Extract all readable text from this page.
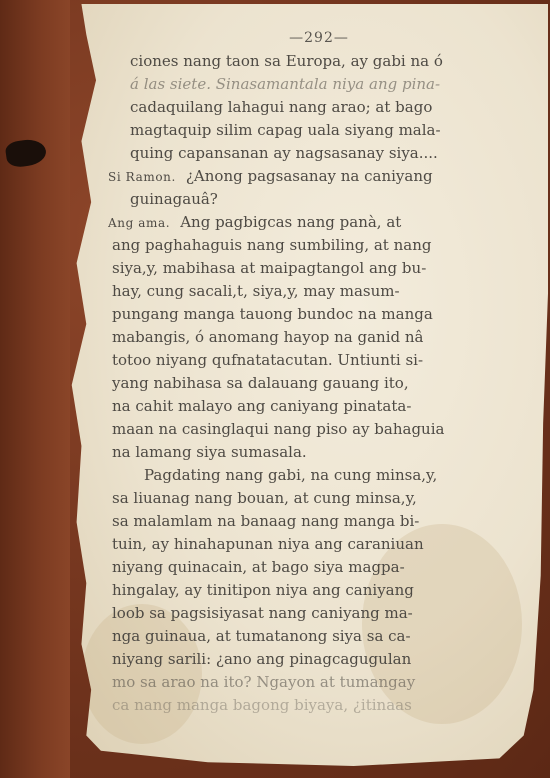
—292—
ciones nang taon sa Europa, ay gabi na ó
á las siete. Sinasamantala niya ang pina-
cadaquilang lahagui nang arao; at bago
magtaquip silim capag uala siyang mala-
quing capansanan ay nagsasanay siya....
Si Ramon. ¿Anong pagsasanay na caniyang
guinagauâ?
Ang ama. Ang pagbigcas nang panà, at
ang paghahaguis nang sumbiling, at nang
siya,y, mabihasa at maipagtangol ang bu-
hay, cung sacali,t, siya,y, may masum-
pungang manga tauong bundoc na manga
mabangis, ó anomang hayop na ganid nâ
totoo niyang qufnatatacutan. Untiunti si-
yang nabihasa sa dalauang gauang ito,
na cahit malayo ang caniyang pinatata-
maan na casinglaqui nang piso ay bahaguia
na lamang siya sumasala.
Pagdating nang gabi, na cung minsa,y,
sa liuanag nang bouan, at cung minsa,y,
sa malamlam na banaag nang manga bi-
tuin, ay hinahapunan niya ang caraniuan
niyang quinacain, at bago siya magpa-
hingalay, ay tinitipon niya ang caniyang
loob sa pagsisiyasat nang caniyang ma-
nga guinaua, at tumatanong siya sa ca-
niyang sarili: ¿ano ang pinagcagugulan
mo sa arao na ito? Ngayon at tumangay
ca nang manga bagong biyaya, ¿itinaas
